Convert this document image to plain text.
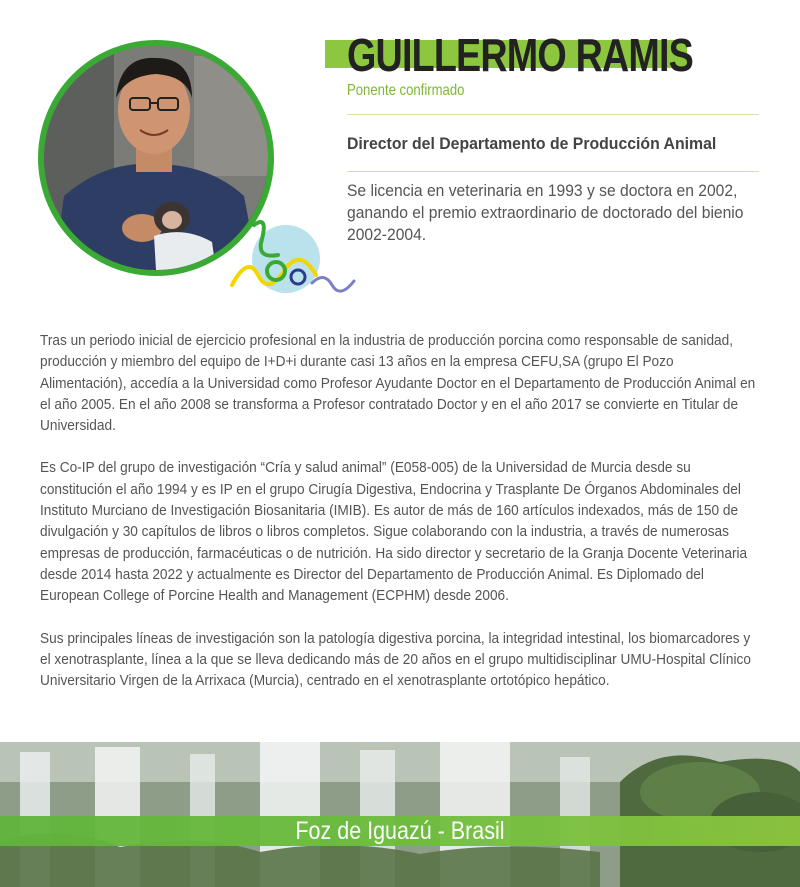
GUILLERMO RAMIS
Ponente confirmado
Director del Departamento de Producción Animal
Se licencia en veterinaria en 1993 y se doctora en 2002, ganando el premio extraordinario de doctorado del bienio 2002-2004.

Tras un periodo inicial de ejercicio profesional en la industria de producción porcina como responsable de sanidad, producción y miembro del equipo de I+D+i durante casi 13 años en la empresa CEFU,SA (grupo El Pozo Alimentación), accedía a la Universidad como Profesor Ayudante Doctor en el Departamento de Producción Animal en el año 2005. En el año 2008 se transforma a Profesor contratado Doctor y en el año 2017 se convierte en Titular de Universidad.

Es Co-IP del grupo de investigación “Cría y salud animal” (E058-005) de la Universidad de Murcia desde su constitución el año 1994 y es IP en el grupo Cirugía Digestiva, Endocrina y Trasplante De Órganos Abdominales del Instituto Murciano de Investigación Biosanitaria (IMIB). Es autor de más de 160 artículos indexados, más de 150 de divulgación y 30 capítulos de libros o libros completos. Sigue colaborando con la industria, a través de numerosas empresas de producción, farmacéuticas o de nutrición. Ha sido director y secretario de la Granja Docente Veterinaria desde 2014 hasta 2022 y actualmente es Director del Departamento de Producción Animal. Es Diplomado del European College of Porcine Health and Management (ECPHM) desde 2006.

Sus principales líneas de investigación son la patología digestiva porcina, la integridad intestinal, los biomarcadores y el xenotrasplante, línea a la que se lleva dedicando más de 20 años en el grupo multidisciplinar UMU-Hospital Clínico Universitario Virgen de la Arrixaca (Murcia), centrado en el xenotrasplante ortotópico hepático.

Foz de Iguazú - Brasil
